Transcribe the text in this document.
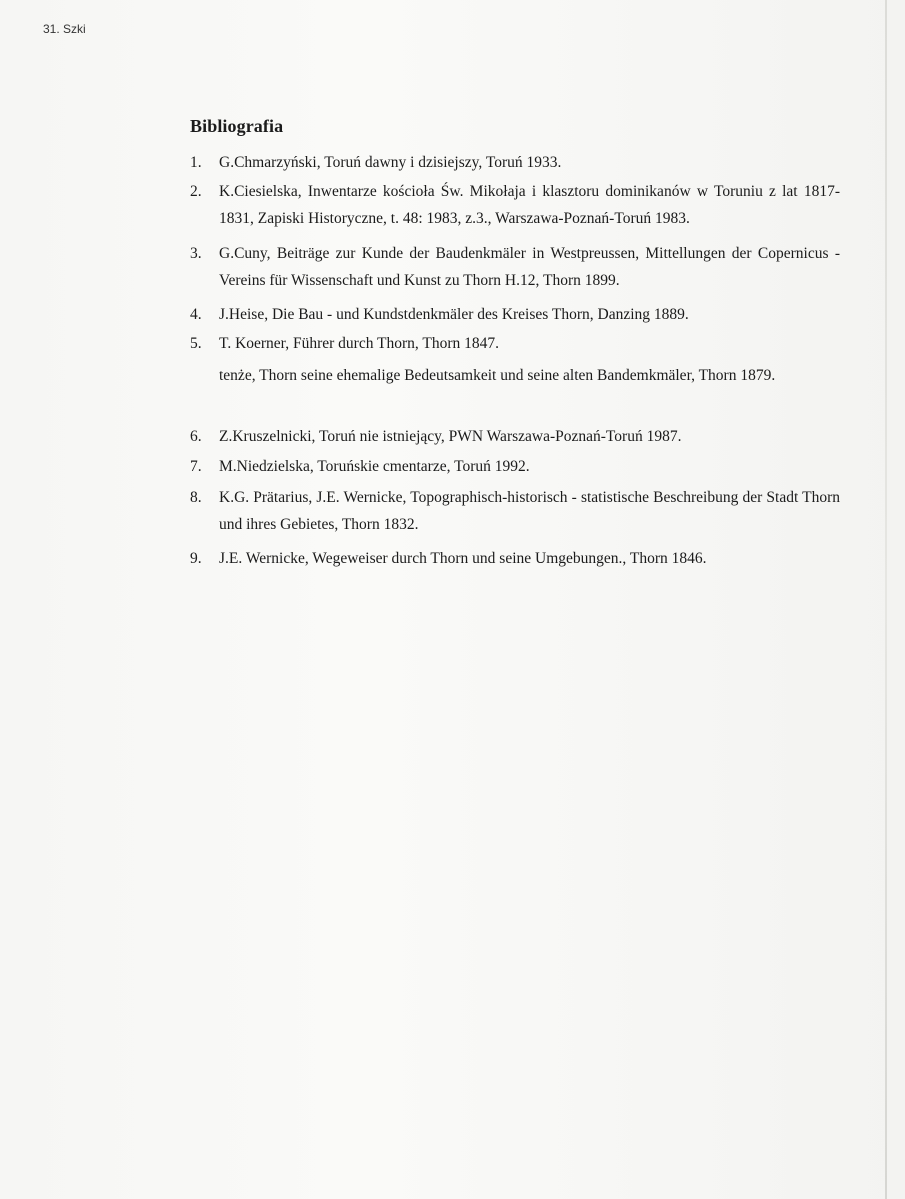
31. Szki
Bibliografia
1.	G.Chmarzyński, Toruń dawny i dzisiejszy, Toruń 1933.
2.	K.Ciesielska, Inwentarze kościoła Św. Mikołaja i klasztoru dominikanów w Toruniu z lat 1817-1831, Zapiski Historyczne, t. 48: 1983, z.3., Warszawa-Poznań-Toruń 1983.
3.	G.Cuny, Beiträge zur Kunde der Baudenkmäler in Westpreussen, Mittellungen der Copernicus - Vereins für Wissenschaft und Kunst zu Thorn H.12, Thorn 1899.
4.	J.Heise, Die Bau - und Kundstdenkmäler des Kreises Thorn, Danzing 1889.
5.	T. Koerner, Führer durch Thorn, Thorn 1847.
tenże, Thorn seine ehemalige Bedeutsamkeit und seine alten Bandemkmäler, Thorn 1879.
6.	Z.Kruszelnicki, Toruń nie istniejący, PWN Warszawa-Poznań-Toruń 1987.
7.	M.Niedzielska, Toruńskie cmentarze, Toruń 1992.
8.	K.G. Prätarius, J.E. Wernicke, Topographisch-historisch - statistische Beschreibung der Stadt Thorn und ihres Gebietes, Thorn 1832.
9.	J.E. Wernicke, Wegeweiser durch Thorn und seine Umgebungen., Thorn 1846.
